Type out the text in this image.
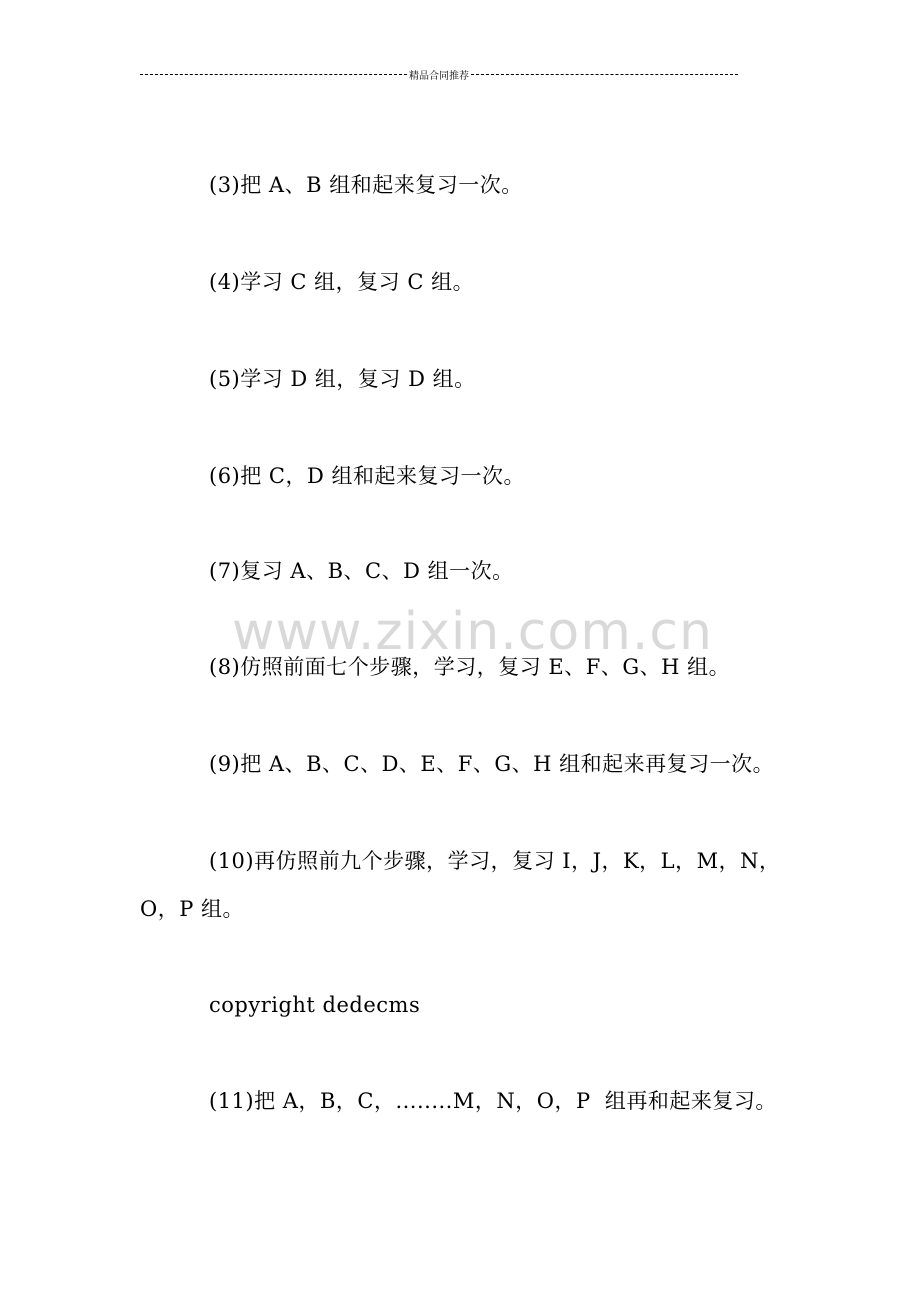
精品合同推荐
www.zixin.com.cn

(3)把 A、B 组和起来复习一次。

(4)学习 C 组，复习 C 组。

(5)学习 D 组，复习 D 组。

(6)把 C，D 组和起来复习一次。

(7)复习 A、B、C、D 组一次。

(8)仿照前面七个步骤，学习，复习 E、F、G、H 组。

(9)把 A、B、C、D、E、F、G、H 组和起来再复习一次。

(10)再仿照前九个步骤，学习，复习 I，J，K，L，M，N，O，P 组。

copyright dedecms

(11)把 A，B，C，........M，N，O，P  组再和起来复习。
